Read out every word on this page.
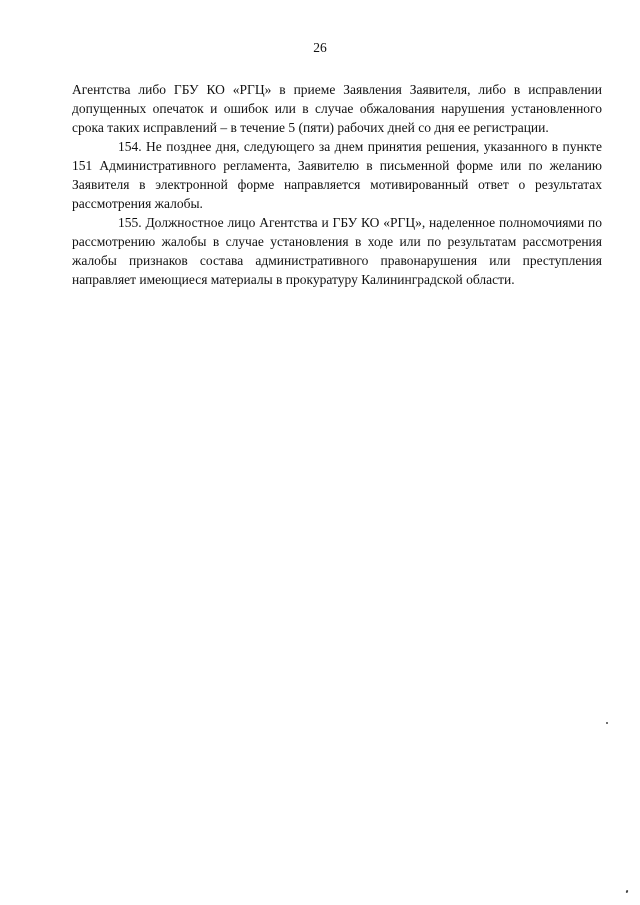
26

Агентства либо ГБУ КО «РГЦ» в приеме Заявления Заявителя, либо в исправлении допущенных опечаток и ошибок или в случае обжалования нарушения установленного срока таких исправлений – в течение 5 (пяти) рабочих дней со дня ее регистрации.

154. Не позднее дня, следующего за днем принятия решения, указанного в пункте 151 Административного регламента, Заявителю в письменной форме или по желанию Заявителя в электронной форме направляется мотивированный ответ о результатах рассмотрения жалобы.

155. Должностное лицо Агентства и ГБУ КО «РГЦ», наделенное полномочиями по рассмотрению жалобы в случае установления в ходе или по результатам рассмотрения жалобы признаков состава административного правонарушения или преступления направляет имеющиеся материалы в прокуратуру Калининградской области.
